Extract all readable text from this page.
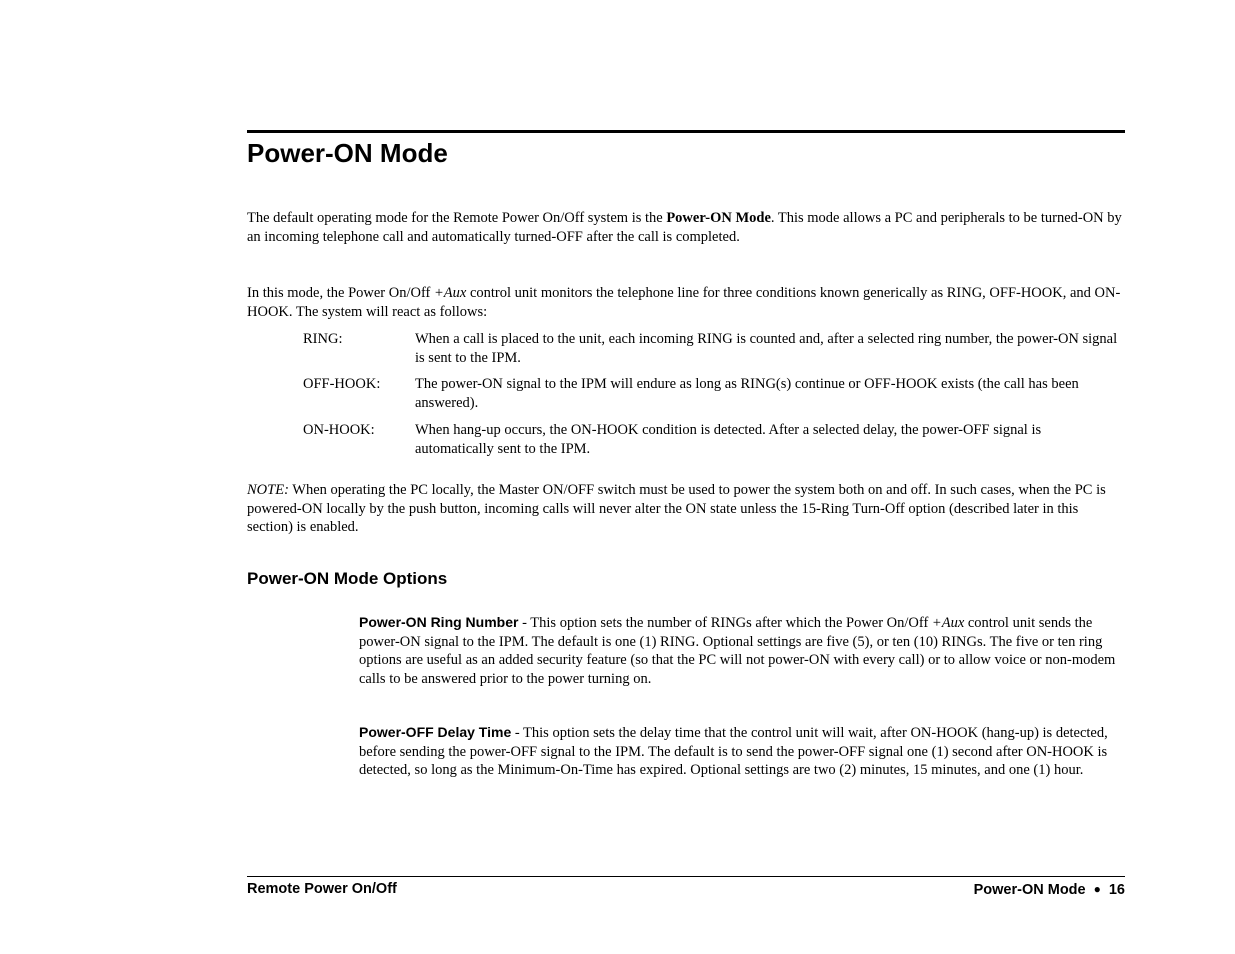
Power-ON Mode

The default operating mode for the Remote Power On/Off system is the Power-ON Mode. This mode allows a PC and peripherals to be turned-ON by an incoming telephone call and automatically turned-OFF after the call is completed.

In this mode, the Power On/Off +Aux control unit monitors the telephone line for three conditions known generically as RING, OFF-HOOK, and ON-HOOK. The system will react as follows:

RING:	When a call is placed to the unit, each incoming RING is counted and, after a selected ring number, the power-ON signal is sent to the IPM.
OFF-HOOK:	The power-ON signal to the IPM will endure as long as RING(s) continue or OFF-HOOK exists (the call has been answered).
ON-HOOK:	When hang-up occurs, the ON-HOOK condition is detected. After a selected delay, the power-OFF signal is automatically sent to the IPM.

NOTE: When operating the PC locally, the Master ON/OFF switch must be used to power the system both on and off. In such cases, when the PC is powered-ON locally by the push button, incoming calls will never alter the ON state unless the 15-Ring Turn-Off option (described later in this section) is enabled.

Power-ON Mode Options

Power-ON Ring Number - This option sets the number of RINGs after which the Power On/Off +Aux control unit sends the power-ON signal to the IPM. The default is one (1) RING. Optional settings are five (5), or ten (10) RINGs. The five or ten ring options are useful as an added security feature (so that the PC will not power-ON with every call) or to allow voice or non-modem calls to be answered prior to the power turning on.

Power-OFF Delay Time - This option sets the delay time that the control unit will wait, after ON-HOOK (hang-up) is detected, before sending the power-OFF signal to the IPM. The default is to send the power-OFF signal one (1) second after ON-HOOK is detected, so long as the Minimum-On-Time has expired. Optional settings are two (2) minutes, 15 minutes, and one (1) hour.

Remote Power On/Off	Power-ON Mode ● 16
